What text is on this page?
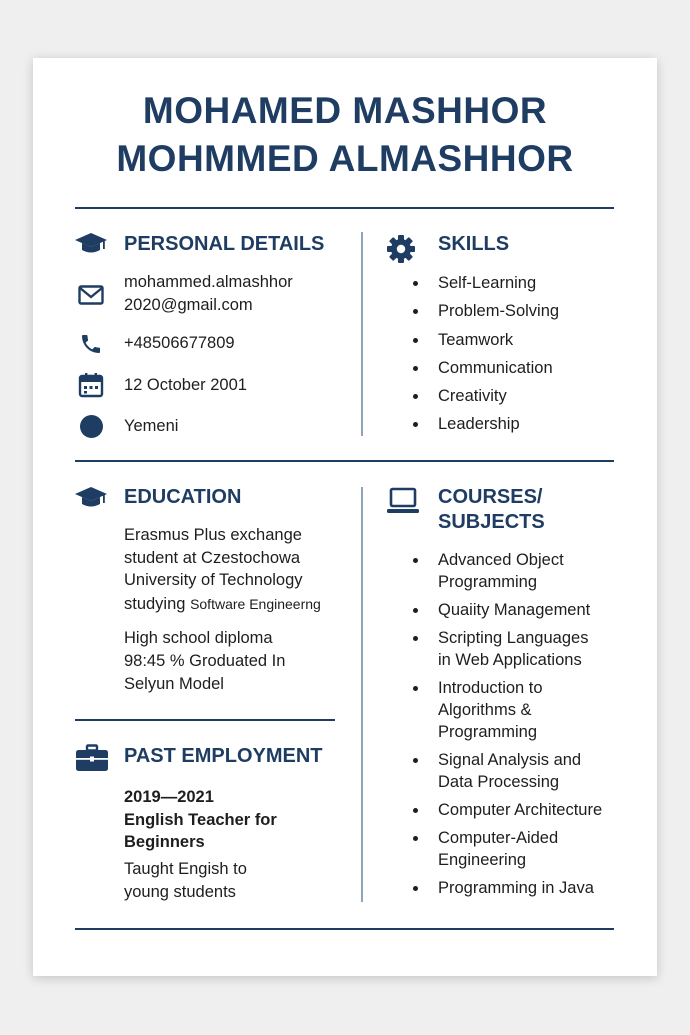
MOHAMED MASHHOR
MOHMMED ALMASHHOR
PERSONAL DETAILS
mohammed.almashhor
2020@gmail.com
+48506677809
12 October 2001
Yemeni
SKILLS
Self-Learning
Problem-Solving
Teamwork
Communication
Creativity
Leadership
EDUCATION
Erasmus Plus exchange
student at Czestochowa
University of Technology
studying Software Engineerng
High school diploma
98:45 % Groduated In
Selyun Model
COURSES/
SUBJECTS
Advanced Object
Programming
Quaiity Management
Scripting Languages
in Web Applications
Introduction to
Algorithms &
Programming
Signal Analysis and
Data Processing
Computer Architecture
Computer-Aided
Engineering
Programming in Java
PAST EMPLOYMENT
2019—2021
English Teacher for
Beginners
Taught Engish to
young students
